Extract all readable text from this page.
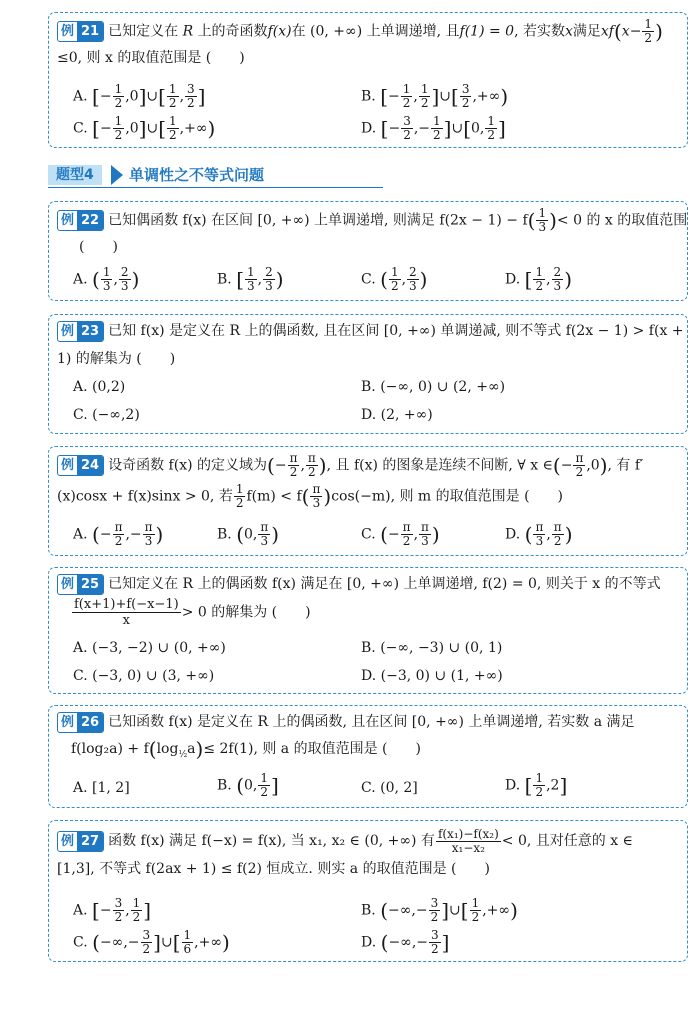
例 21 已知定义在 R 上的奇函数f(x)在 (0, +∞) 上单调递增, 且f(1) = 0, 若实数x满足$xf(x- \frac{1}{2}$ )
≤0, 则 x 的取值范围是 (　　)
A. [− $\frac{1}{2}$ ,0]∪[ $\frac{1}{2}$ , $\frac{3}{2}$ ]	B. [− $\frac{1}{2}$ , $\frac{1}{2}$ ]∪[ $\frac{3}{2}$ ,+∞)
C. [− $\frac{1}{2}$ ,0]∪[ $\frac{1}{2}$ ,+∞)	D. [− $\frac{3}{2}$ ,− $\frac{1}{2}$ ]∪[0, $\frac{1}{2}$ ]
题型4	单调性之不等式问题
例 22 已知偶函数 f(x) 在区间 [0, +∞) 上单调递增, 则满足 $f(2x - 1) - f( \frac{1}{3}$ )< 0 的 x 的取值范围
(　　)
A. ( $\frac{1}{3}$ , $\frac{2}{3}$ )	B. [ $\frac{1}{3}$ , $\frac{2}{3}$ )	C. ( $\frac{1}{2}$ , $\frac{2}{3}$ )	D. [ $\frac{1}{2}$ , $\frac{2}{3}$ )
例 23 已知 f(x) 是定义在 R 上的偶函数, 且在区间 [0, +∞) 单调递减, 则不等式 f(2x − 1) > f(x +
1) 的解集为 (　　)
A. (0,2)	B. (−∞, 0) ∪ (2, +∞)
C. (−∞,2)	D. (2, +∞)
例 24 设奇函数 f(x) 的定义域为(− $\frac{\pi}{2}$ , $\frac{\pi}{2}$ ), 且 f(x) 的图象是连续不间断, ∀ x ∈(− $\frac{\pi}{2} ,0$), 有 f′
(x)cosx + f(x)sinx > 0, 若 $\frac{1}{2} f(m) < f( \frac{\pi}{3} )\cos(-m)$, 则 m 的取值范围是 (　　)
A. (− $\frac{\pi}{2}$ ,− $\frac{\pi}{3}$ )	B. (0, $\frac{\pi}{3}$ )	C. (− $\frac{\pi}{2}$ , $\frac{\pi}{3}$ )	D. ( $\frac{\pi}{3}$ , $\frac{\pi}{2}$ )
例 25 已知定义在 R 上的偶函数 f(x) 满足在 [0, +∞) 上单调递增, f(2) = 0, 则关于 x 的不等式
$\frac{f(x+1)+f(-x-1)}{x} > 0$ 的解集为 (　　)
A. (−3, −2) ∪ (0, +∞)	B. (−∞, −3) ∪ (0, 1)
C. (−3, 0) ∪ (3, +∞)	D. (−3, 0) ∪ (1, +∞)
例 26 已知函数 f(x) 是定义在 R 上的偶函数, 且在区间 [0, +∞) 上单调递增, 若实数 a 满足
$f(\log_2a) + f(\log_{\frac{1}{2}}a)\le 2f(1)$, 则 a 的取值范围是 (　　)
A. [1, 2]	B. (0, $\frac{1}{2}$ ]	C. (0, 2]	D. [ $\frac{1}{2} ,2$]
例 27 函数 f(x) 满足 f(−x) = f(x), 当 x₁, x₂ ∈ (0, +∞) 有 $\frac{\text{f(x₁)−f(x₂)}}{\text{x₁−x₂}} < 0$, 且对任意的 x ∈
[1,3], 不等式 f(2ax + 1) ≤ f(2) 恒成立. 则实 a 的取值范围是 (　　)
A. [− $\frac{3}{2}$ , $\frac{1}{2}$ ]	B. (−∞,− $\frac{3}{2}$ ]∪[ $\frac{1}{2}$ ,+∞)
C. (−∞,− $\frac{3}{2}$ ]∪[ $\frac{1}{6}$ ,+∞)	D. (−∞,− $\frac{3}{2}$ ]
